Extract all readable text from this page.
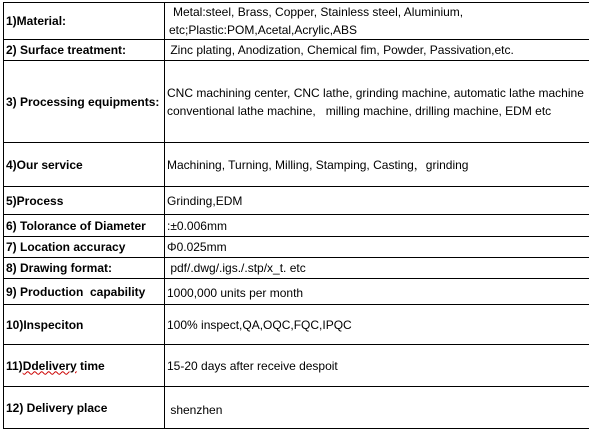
1)Material:	Metal:steel, Brass, Copper, Stainless steel, Aluminium,
etc;Plastic:POM,Acetal,Acrylic,ABS

2) Surface treatment:	Zinc plating, Anodization, Chemical fim, Powder, Passivation,etc.

3) Processing equipments:	CNC machining center, CNC lathe, grinding machine, automatic lathe machine
conventional lathe machine,   milling machine, drilling machine, EDM etc

4)Our service	Machining, Turning, Milling, Stamping, Casting，grinding

5)Process	Grinding,EDM

6) Tolorance of Diameter	:±0.006mm

7) Location accuracy	Φ0.025mm

8) Drawing format:	pdf/.dwg/.igs./.stp/x_t. etc

9) Production  capability	1000,000 units per month

10)Inspeciton	100% inspect,QA,OQC,FQC,IPQC

11)Ddelivery time	15-20 days after receive despoit

12) Delivery place	shenzhen
